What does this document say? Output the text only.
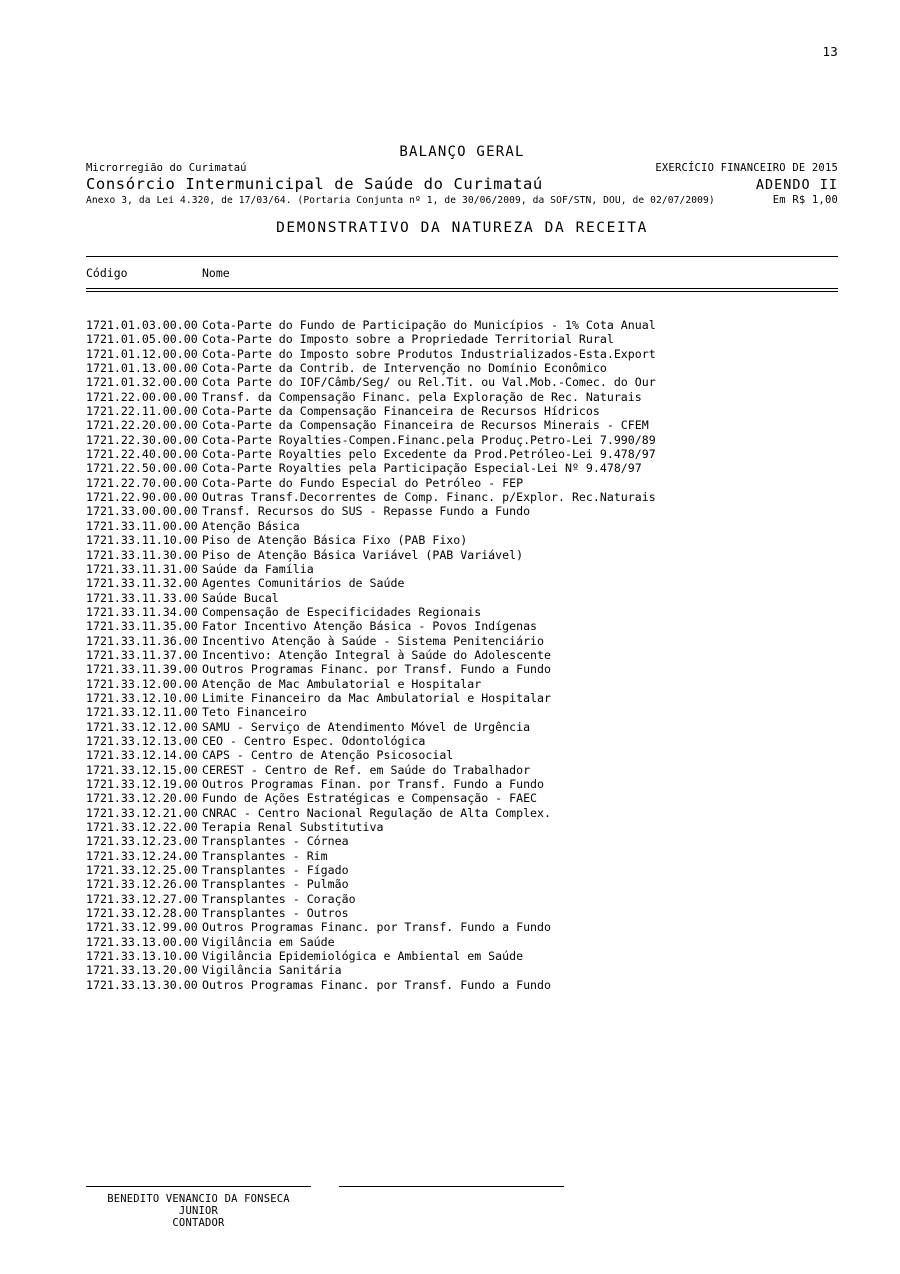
13
BALANÇO GERAL
Microrregião do Curimataú	EXERCÍCIO FINANCEIRO DE 2015
Consórcio Intermunicipal de Saúde do Curimataú	ADENDO II
Anexo 3, da Lei 4.320, de 17/03/64. (Portaria Conjunta nº 1, de 30/06/2009, da SOF/STN, DOU, de 02/07/2009)	Em R$ 1,00
DEMONSTRATIVO DA NATUREZA DA RECEITA
Código	Nome
1721.01.03.00.00 Cota-Parte do Fundo de Participação do Municípios - 1% Cota Anual
1721.01.05.00.00 Cota-Parte do Imposto sobre a Propriedade Territorial Rural
1721.01.12.00.00 Cota-Parte do Imposto sobre Produtos Industrializados-Esta.Export
1721.01.13.00.00 Cota-Parte da Contrib. de Intervenção no Domínio Econômico
1721.01.32.00.00 Cota Parte do IOF/Câmb/Seg/ ou Rel.Tit. ou Val.Mob.-Comec. do Our
1721.22.00.00.00 Transf. da Compensação Financ. pela Exploração de Rec. Naturais
1721.22.11.00.00 Cota-Parte da Compensação Financeira de Recursos Hídricos
1721.22.20.00.00 Cota-Parte da Compensação Financeira de Recursos Minerais - CFEM
1721.22.30.00.00 Cota-Parte Royalties-Compen.Financ.pela Produç.Petro-Lei 7.990/89
1721.22.40.00.00 Cota-Parte Royalties pelo Excedente da Prod.Petróleo-Lei 9.478/97
1721.22.50.00.00 Cota-Parte Royalties pela Participação Especial-Lei Nº 9.478/97
1721.22.70.00.00 Cota-Parte do Fundo Especial do Petróleo - FEP
1721.22.90.00.00 Outras Transf.Decorrentes de Comp. Financ. p/Explor. Rec.Naturais
1721.33.00.00.00 Transf. Recursos do SUS - Repasse Fundo a Fundo
1721.33.11.00.00 Atenção Básica
1721.33.11.10.00 Piso de Atenção Básica Fixo (PAB Fixo)
1721.33.11.30.00 Piso de Atenção Básica Variável (PAB Variável)
1721.33.11.31.00 Saúde da Família
1721.33.11.32.00 Agentes Comunitários de Saúde
1721.33.11.33.00 Saúde Bucal
1721.33.11.34.00 Compensação de Especificidades Regionais
1721.33.11.35.00 Fator Incentivo Atenção Básica - Povos Indígenas
1721.33.11.36.00 Incentivo Atenção à Saúde - Sistema Penitenciário
1721.33.11.37.00 Incentivo: Atenção Integral à Saúde do Adolescente
1721.33.11.39.00 Outros Programas Financ. por Transf. Fundo a Fundo
1721.33.12.00.00 Atenção de Mac Ambulatorial e Hospitalar
1721.33.12.10.00 Limite Financeiro da Mac Ambulatorial e Hospitalar
1721.33.12.11.00 Teto Financeiro
1721.33.12.12.00 SAMU - Serviço de Atendimento Móvel de Urgência
1721.33.12.13.00 CEO - Centro Espec. Odontológica
1721.33.12.14.00 CAPS - Centro de Atenção Psicosocial
1721.33.12.15.00 CEREST - Centro de Ref. em Saúde do Trabalhador
1721.33.12.19.00 Outros Programas Finan. por Transf. Fundo a Fundo
1721.33.12.20.00 Fundo de Ações Estratégicas e Compensação - FAEC
1721.33.12.21.00 CNRAC - Centro Nacional Regulação de Alta Complex.
1721.33.12.22.00 Terapia Renal Substitutiva
1721.33.12.23.00 Transplantes - Córnea
1721.33.12.24.00 Transplantes - Rim
1721.33.12.25.00 Transplantes - Fígado
1721.33.12.26.00 Transplantes - Pulmão
1721.33.12.27.00 Transplantes - Coração
1721.33.12.28.00 Transplantes - Outros
1721.33.12.99.00 Outros Programas Financ. por Transf. Fundo a Fundo
1721.33.13.00.00 Vigilância em Saúde
1721.33.13.10.00 Vigilância Epidemiológica e Ambiental em Saúde
1721.33.13.20.00 Vigilância Sanitária
1721.33.13.30.00 Outros Programas Financ. por Transf. Fundo a Fundo
BENEDITO VENANCIO DA FONSECA JUNIOR
CONTADOR
